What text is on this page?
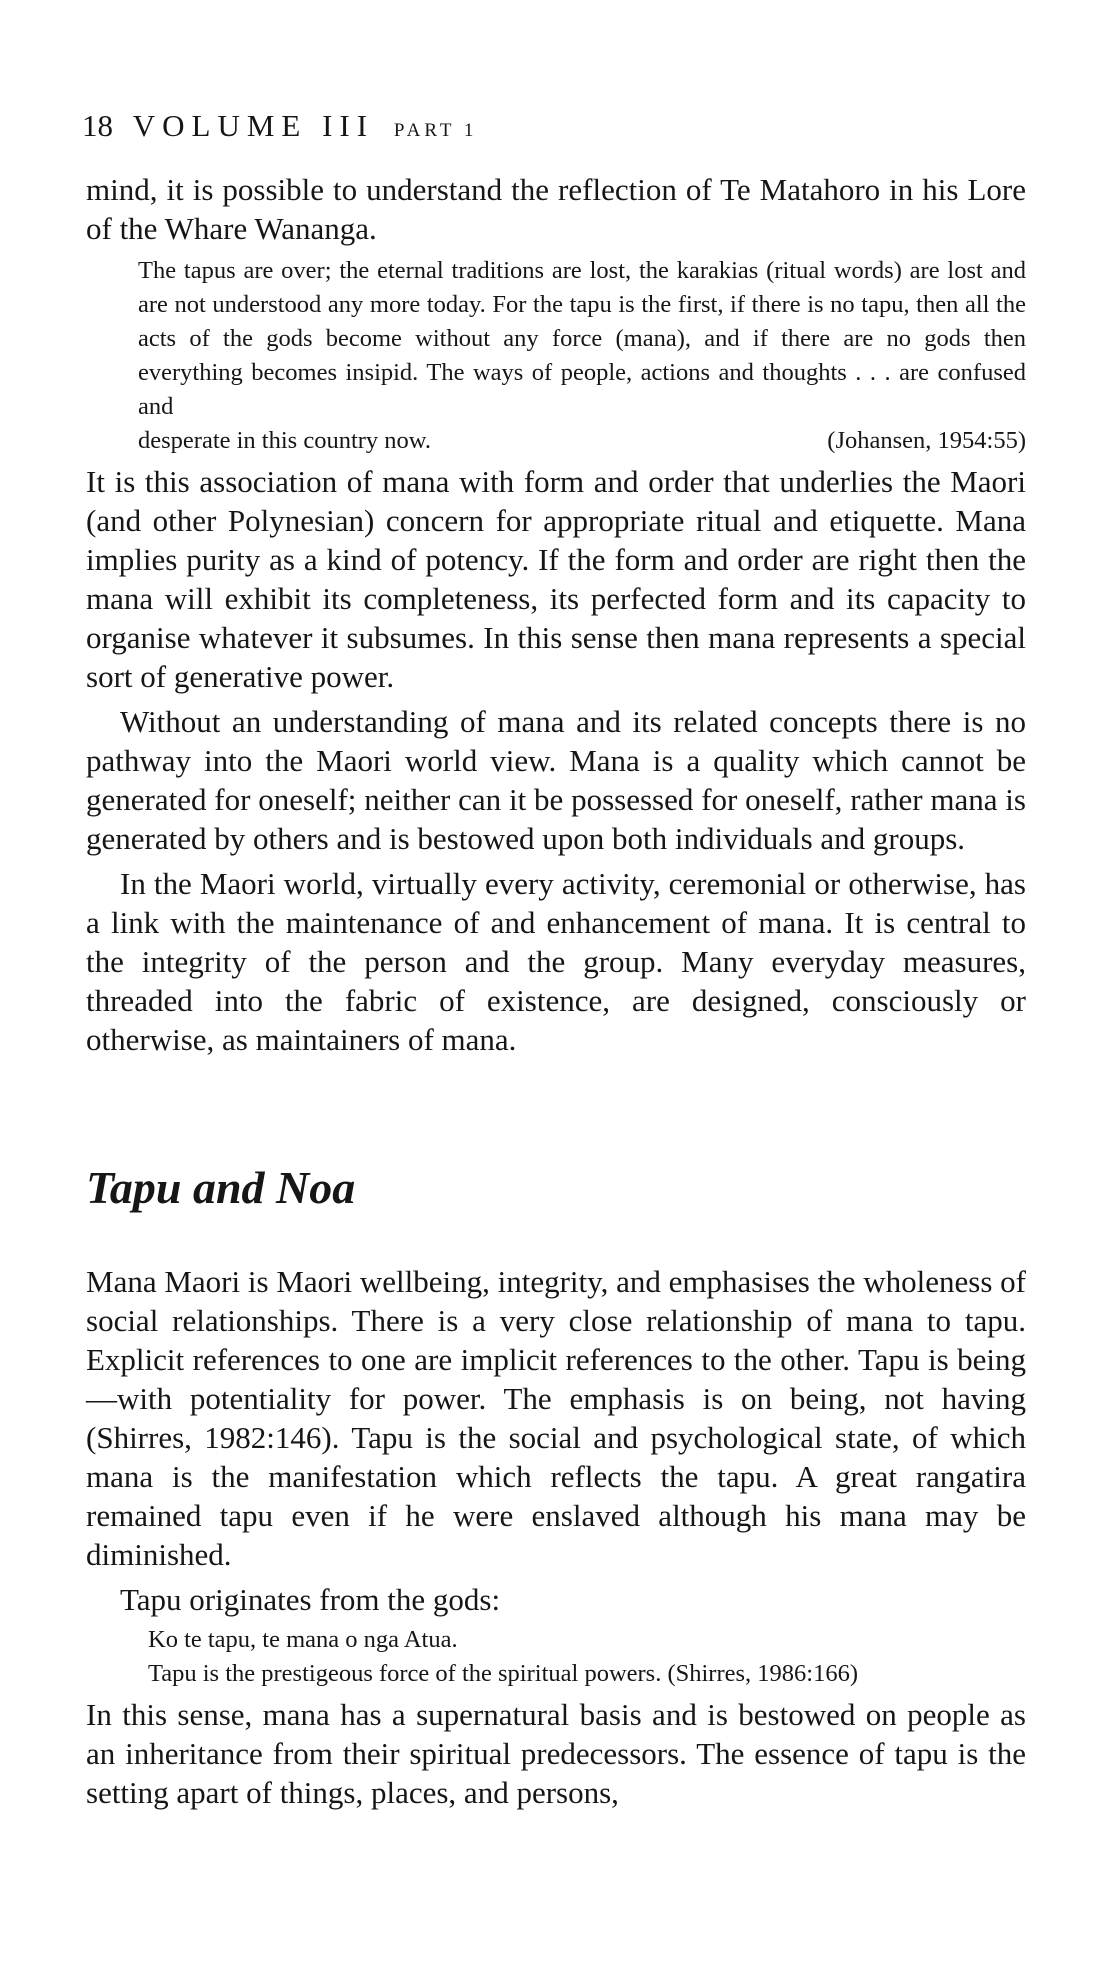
18 VOLUME III PART 1

mind, it is possible to understand the reflection of Te Matahoro in his Lore of the Whare Wananga.

The tapus are over; the eternal traditions are lost, the karakias (ritual words) are lost and are not understood any more today. For the tapu is the first, if there is no tapu, then all the acts of the gods become without any force (mana), and if there are no gods then everything becomes insipid. The ways of people, actions and thoughts . . . are confused and

desperate in this country now.	(Johansen, 1954:55)

It is this association of mana with form and order that underlies the Maori (and other Polynesian) concern for appropriate ritual and etiquette. Mana implies purity as a kind of potency. If the form and order are right then the mana will exhibit its completeness, its perfected form and its capacity to organise whatever it subsumes. In this sense then mana represents a special sort of generative power.

Without an understanding of mana and its related concepts there is no pathway into the Maori world view. Mana is a quality which cannot be generated for oneself; neither can it be possessed for oneself, rather mana is generated by others and is bestowed upon both individuals and groups.

In the Maori world, virtually every activity, ceremonial or otherwise, has a link with the maintenance of and enhancement of mana. It is central to the integrity of the person and the group. Many everyday measures, threaded into the fabric of existence, are designed, consciously or otherwise, as maintainers of mana.

Tapu and Noa

Mana Maori is Maori wellbeing, integrity, and emphasises the wholeness of social relationships. There is a very close relationship of mana to tapu. Explicit references to one are implicit references to the other. Tapu is being —with potentiality for power. The emphasis is on being, not having (Shirres, 1982:146). Tapu is the social and psychological state, of which mana is the manifestation which reflects the tapu. A great rangatira remained tapu even if he were enslaved although his mana may be diminished.

Tapu originates from the gods:

Ko te tapu, te mana o nga Atua.

Tapu is the prestigeous force of the spiritual powers. (Shirres, 1986:166)

In this sense, mana has a supernatural basis and is bestowed on people as an inheritance from their spiritual predecessors. The essence of tapu is the setting apart of things, places, and persons,
